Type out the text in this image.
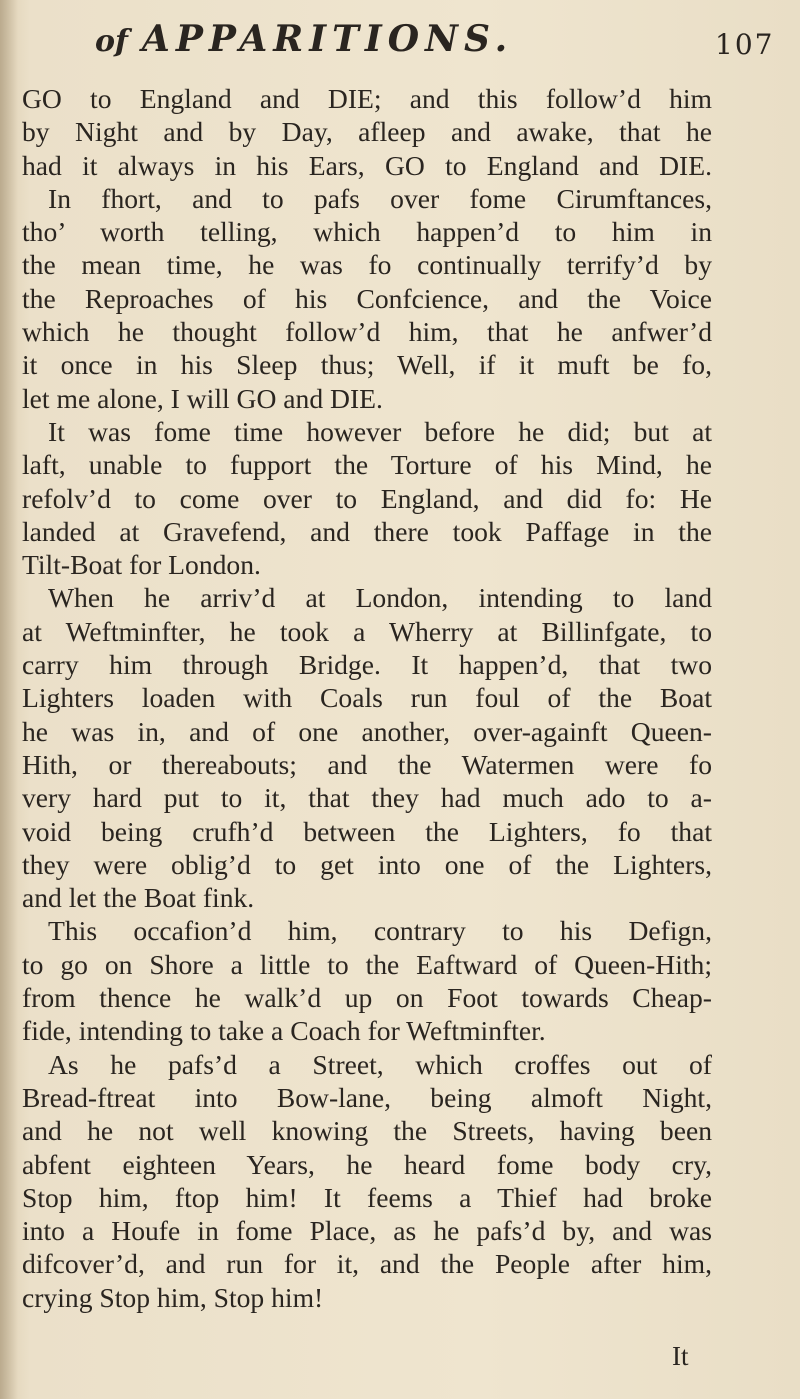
of APPARITIONS.	107
GO to England and DIE; and this follow’d him
by Night and by Day, afleep and awake, that he
had it always in his Ears, GO to England and DIE.
In fhort, and to pafs over fome Cirumftances,
tho’ worth telling, which happen’d to him in
the mean time, he was fo continually terrify’d by
the Reproaches of his Confcience, and the Voice
which he thought follow’d him, that he anfwer’d
it once in his Sleep thus; Well, if it muft be fo,
let me alone, I will GO and DIE.
It was fome time however before he did; but at
laft, unable to fupport the Torture of his Mind, he
refolv’d to come over to England, and did fo: He
landed at Gravefend, and there took Paffage in the
Tilt-Boat for London.
When he arriv’d at London, intending to land
at Weftminfter, he took a Wherry at Billinfgate, to
carry him through Bridge. It happen’d, that two
Lighters loaden with Coals run foul of the Boat
he was in, and of one another, over-againft Queen-
Hith, or thereabouts; and the Watermen were fo
very hard put to it, that they had much ado to a-
void being crufh’d between the Lighters, fo that
they were oblig’d to get into one of the Lighters,
and let the Boat fink.
This occafion’d him, contrary to his Defign,
to go on Shore a little to the Eaftward of Queen-Hith;
from thence he walk’d up on Foot towards Cheap-
fide, intending to take a Coach for Weftminfter.
As he pafs’d a Street, which croffes out of
Bread-ftreat into Bow-lane, being almoft Night,
and he not well knowing the Streets, having been
abfent eighteen Years, he heard fome body cry,
Stop him, ftop him! It feems a Thief had broke
into a Houfe in fome Place, as he pafs’d by, and was
difcover’d, and run for it, and the People after him,
crying Stop him, Stop him!
It
